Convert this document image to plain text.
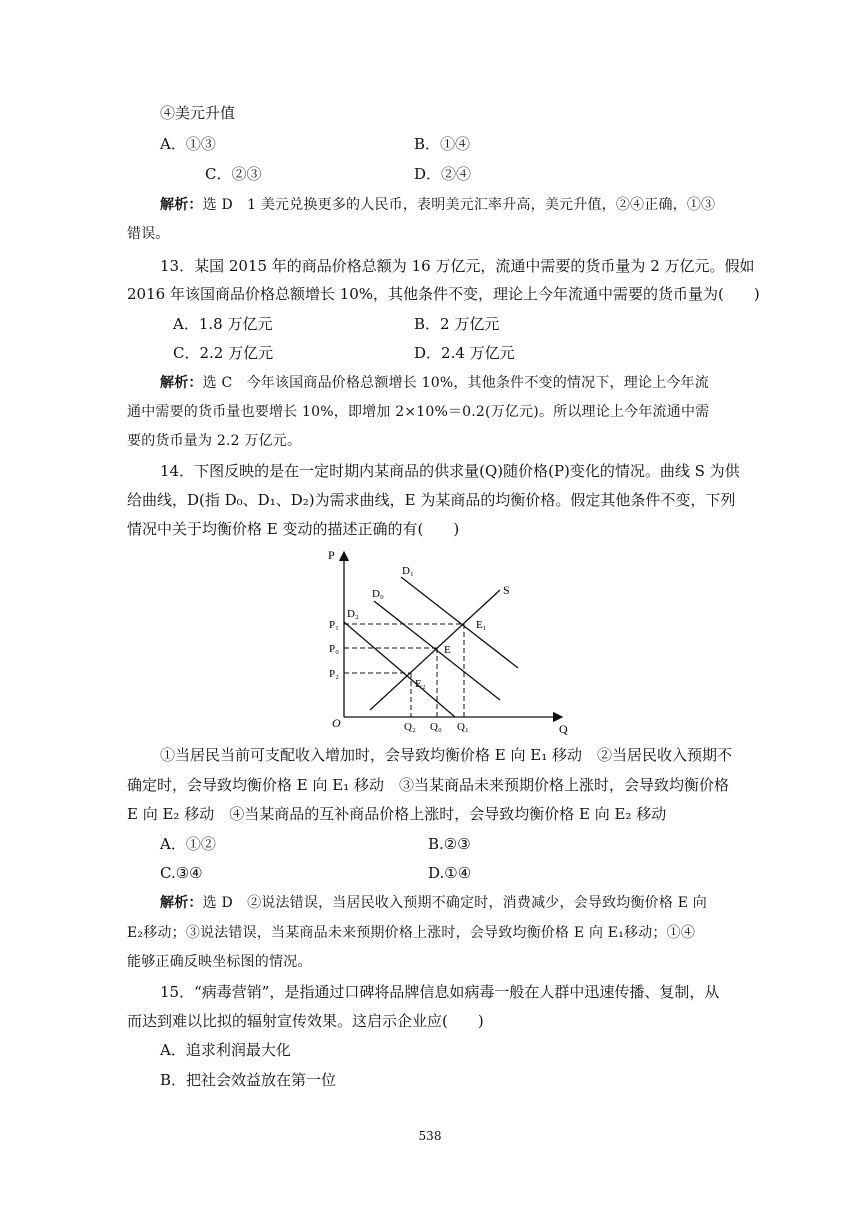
④美元升值
A．①③	B．①④
C．②③	D．②④
解析：选 D　1 美元兑换更多的人民币，表明美元汇率升高，美元升值，②④正确，①③
错误。
13．某国 2015 年的商品价格总额为 16 万亿元，流通中需要的货币量为 2 万亿元。假如
2016 年该国商品价格总额增长 10%，其他条件不变，理论上今年流通中需要的货币量为(　　)
A．1.8 万亿元	B．2 万亿元
C．2.2 万亿元	D．2.4 万亿元
解析：选 C　今年该国商品价格总额增长 10%，其他条件不变的情况下，理论上今年流
通中需要的货币量也要增长 10%，即增加 2×10%＝0.2(万亿元)。所以理论上今年流通中需
要的货币量为 2.2 万亿元。
14．下图反映的是在一定时期内某商品的供求量(Q)随价格(P)变化的情况。曲线 S 为供
给曲线，D(指 D₀、D₁、D₂)为需求曲线，E 为某商品的均衡价格。假定其他条件不变，下列
情况中关于均衡价格 E 变动的描述正确的有(　　)
P
Q
O
S
D₁
D₀
D₂
P₁
P₀
P₂
Q₂ Q₀ Q₁
E
E₁
E₂
①当居民当前可支配收入增加时，会导致均衡价格 E 向 E₁ 移动　②当居民收入预期不
确定时，会导致均衡价格 E 向 E₁ 移动　③当某商品未来预期价格上涨时，会导致均衡价格
E 向 E₂ 移动　④当某商品的互补商品价格上涨时，会导致均衡价格 E 向 E₂ 移动
A．①②	B.②③
C.③④	D.①④
解析：选 D　②说法错误，当居民收入预期不确定时，消费减少，会导致均衡价格 E 向
E₂移动；③说法错误，当某商品未来预期价格上涨时，会导致均衡价格 E 向 E₁移动；①④
能够正确反映坐标图的情况。
15．“病毒营销”，是指通过口碑将品牌信息如病毒一般在人群中迅速传播、复制，从
而达到难以比拟的辐射宣传效果。这启示企业应(　　)
A．追求利润最大化
B．把社会效益放在第一位
538
